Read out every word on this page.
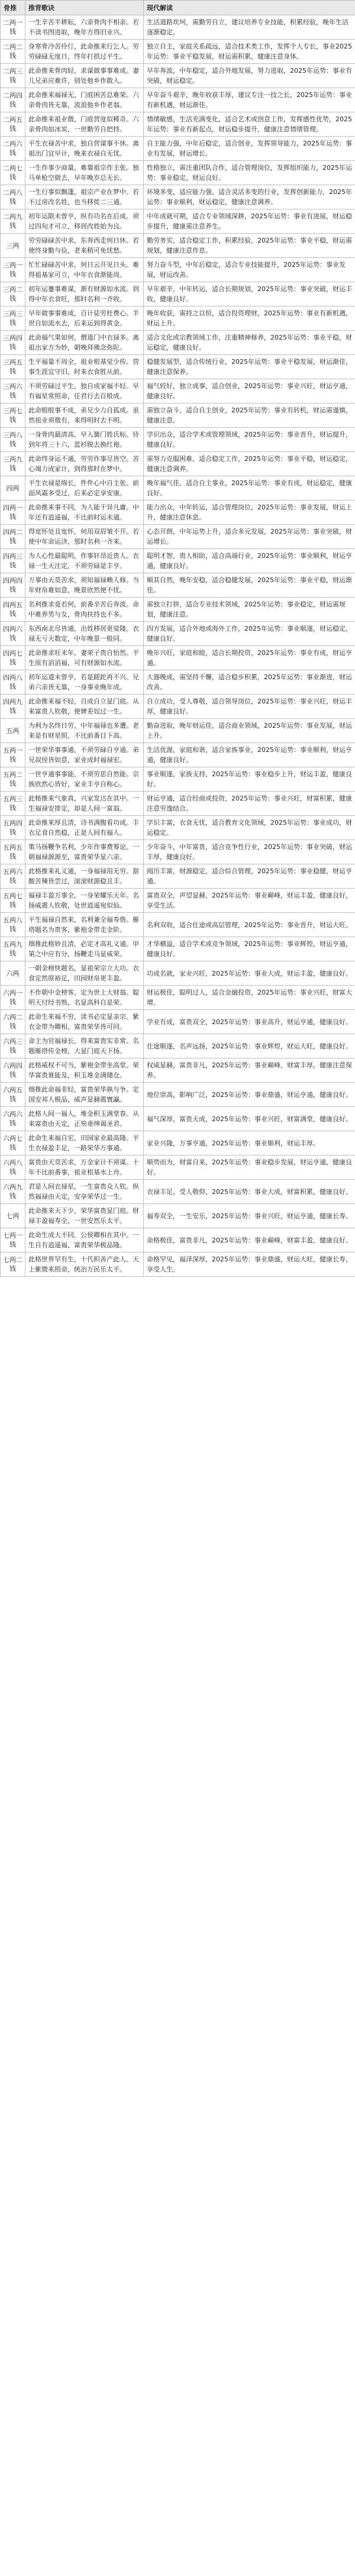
骨推	推背歌诀	现代解读
二两一钱	一生辛苦半耕耘，六亲骨肉不相亲。若不读书图进取，晚年方得旧业兴。	生活道路坎坷，需勤劳自立，建议培养专业技能，积累经验，晚年生活逐渐稳定。
二两二钱	身寒骨冷苦伶仃，此命推来行乞人。劳劳碌碌无度日，终年打拱过平生。	独立自主，家庭关系疏远，适合技术类工作，发挥个人专长，事业2025年运势：事业平稳发展，财运需积累，健康注意身体。
二两三钱	此命推来骨肉轻，求谋做事事难成。妻儿兄弟应难许，别处他乡作散人。	早年奔波，中年稳定，适合外地发展，努力进取，2025年运势：事业有突破，财运稳定。
二两四钱	此命推来福禄无，门庭困苦总难荣。六亲骨肉皆无靠，流浪他乡作老翁。	早年奋斗艰辛，晚年收获丰厚，建议专注一技之长，2025年运势：事业有新机遇，财运渐佳。
二两五钱	此命推来祖业微，门庭营度似稀奇。六亲骨肉如冰炭，一世勤劳自把持。	情绪敏感，生活充满变化，适合艺术或创意工作，发挥感性优势，2025年运势：事业有新起点，财运稳步提升，健康注意情绪管理。
二两六钱	平生衣禄苦中求，独自营谋事不休。离祖出门宜早计，晚来衣禄自无忧。	自主能力强，中年后稳定，适合创业，发挥领导能力，2025年运势：事业有发展，财运增长。
二两七钱	一生作事少商量，难靠祖宗作主张。独马单枪空做去，早年晚岁总无长。	性格独立，需注重团队合作，适合管理岗位，发挥组织能力，2025年运势：事业稳定，财运良好。
二两八钱	一生行事似飘蓬，祖宗产业在梦中。若不过房改名姓，也当移徙二三通。	环境多变，适应能力强，适合灵活多变的行业，发挥创新能力，2025年运势：事业顺利，财运稳定，健康注意调养。
二两九钱	初年运限未曾亨，纵有功名在后成。须过四旬才可立，移居改姓始为良。	中年成就可期，适合专业领域深耕，2025年运势：事业有进展，财运稳步提升，健康需注意养生。
三两	劳劳碌碌苦中求，东奔西走何日休。若使终身勤与俭，老来稍可免忧愁。	勤劳务实，适合稳定工作，积累经验，2025年运势：事业平稳，财运需规划，健康注意作息。
三两一钱	忙忙碌碌苦中求，何日云开见日头。难得祖基家可立，中年衣食渐能周。	努力奋斗型，中年后稳定，适合专业技能提升，2025年运势：事业发展，财运改善。
三两二钱	初年运蹇事难谋，渐有财源如水流。到得中年衣食旺，那时名利一齐收。	早年艰辛，中年转运，适合长期规划，2025年运势：事业突破，财运丰收，健康良好。
三两三钱	早年做事事难成，百计徒劳枉费心。半世自如流水去，后来运到得黄金。	晚年收获，需持之以恒，适合投资理财，2025年运势：事业有新机遇，财运上升。
三两四钱	此命福气果如何，僧道门中衣禄多。离祖出家方为妙，朝晚拜佛念弥陀。	适合文化或宗教领域工作，注重精神修养，2025年运势：事业平稳，财运稳定，健康良好。
三两五钱	生平福量不周全，祖业根基觉少传。营事生涯宜守旧，时来衣食胜从前。	稳健发展型，适合传统行业，2025年运势：事业平稳发展，财运渐佳，健康注意保养。
三两六钱	不须劳碌过平生，独自成家福不轻。早有福星常照命，任君行去百般成。	福气较好，独立成事，适合创业，2025年运势：事业兴旺，财运亨通，健康良好。
三两七钱	此命般般事不成，弟兄少力自孤成。虽然祖业须微有，来得明时去不明。	需独立奋斗，适合自主创业，2025年运势：事业有转机，财运需谨慎，健康注意。
三两八钱	一身骨肉最清高，早入簧门姓氏标。待到年将三十六，蓝衫脱去换红袍。	学识出众，适合学术或管理领域，2025年运势：事业晋升，财运提升，健康良好。
三两九钱	此命终身运不通，劳劳作事尽皆空。苦心竭力成家计，到得那时在梦中。	需努力克服困难，适合稳定工作，2025年运势：事业平稳，财运稳定，健康注意调养。
四两	平生衣禄是绵长，件件心中自主张。前面风霜多受过，后来必定享安康。	晚年福气佳，适合自主事业，2025年运势：事业有成，财运稳定，健康良好。
四两一钱	此命推来事不同，为人能干异凡庸。中年还有逍遥福，不比前时运未通。	能力出众，中年转运，适合管理岗位，2025年运势：事业发展，财运上升，健康注意休息。
四两二钱	得宽怀处且宽怀，何用双眉皱不开。若使中年命运济，那时名利一齐来。	心态开朗，中年运势上升，适合多元发展，2025年运势：事业突破，财运增长。
四两三钱	为人心性最聪明，作事轩昂近贵人。衣禄一生天注定，不须劳碌是丰亨。	聪明才智，贵人相助，适合高端行业，2025年运势：事业顺利，财运亨通，健康良好。
四两四钱	万事由天莫苦求，须知福禄赖人修。当年财帛难如意，晚景欣然便不忧。	顺其自然，晚年安稳，适合稳健发展，2025年运势：事业平稳，财运渐佳。
四两五钱	名利推求竟若何，前番辛苦后奔波。命中难养男与女，骨肉扶持也不多。	需独立打拼，适合专业技术领域，2025年运势：事业稳定，财运需规划，健康注意。
四两六钱	东西南北尽皆通，出姓移居更觉隆。衣禄无亏天数定，中年晚景一般同。	四方发展，适合外地或海外工作，2025年运势：事业顺遂，财运稳定，健康良好。
四两七钱	此命推求旺末年，妻荣子贵自怡然。平生原有滔滔福，可有财源如水流。	晚年兴旺，家庭和睦，适合长期投资，2025年运势：事业有成，财运亨通。
四两八钱	初年运道未曾亨，若是蹉跎再不兴。兄弟六亲皆无靠，一身事业晚年成。	大器晚成，需坚持不懈，适合稳步积累，2025年运势：事业渐进，财运改善。
四两九钱	此命推来福不轻，自成自立显门庭。从来富贵人钦敬，使婢差奴过一生。	自立成功，受人尊敬，适合领导岗位，2025年运势：事业兴旺，财运丰厚，健康良好。
五两	为利为名终日劳，中年福禄也多遭。老来是有财星照，不比前番目下高。	勤奋进取，晚年财运佳，适合商业领域，2025年运势：事业发展，财运上升。
五两一钱	一世荣华事事通，不须劳碌自亨通。弟兄叔侄皆如意，家业成时福禄宏。	生活优渥，家庭和谐，适合家族事业，2025年运势：事业顺利，财运亨通，健康良好。
五两二钱	一世亨通事事能，不须劳思自然能。宗族欣然心皆好，家业丰亨自称心。	事业顺遂，家族支持，2025年运势：事业稳步上升，财运丰盈，健康良好。
五两三钱	此格推来气象真，兴家发达在其中。一生福禄安排定，却是人间一富翁。	财运亨通，适合经商或投资，2025年运势：事业兴旺，财富积累，健康注意劳逸结合。
五两四钱	此命推来厚且清，诗书满腹看功成。丰衣足食自然稳，正是人间有福人。	学识丰富，衣食无忧，适合教育文化领域，2025年运势：事业成功，财运稳定。
五两五钱	策马扬鞭争名利，少年作事费筹论。一朝福禄源源至，富贵荣华显六亲。	少年奋斗，中年富贵，适合竞争性行业，2025年运势：事业突破，财运丰厚，健康良好。
五两六钱	此格推来礼义通，一身福禄用无穷。甜酸苦辣皆尝过，滚滚财源稳且丰。	阅历丰富，财源稳定，适合综合管理，2025年运势：事业稳健，财运亨通。
五两七钱	福禄丰盈万事全，一身荣耀乐天年。名扬威震人钦敬，处世逍遥宛似仙。	富贵双全，声望显赫，2025年运势：事业巅峰，财运丰盈，健康良好，享受生活。
五两八钱	平生福禄自然来，名利兼全福寿偕。雁塔题名为贵客，紫袍金带走金阶。	名利双收，适合仕途或高层管理，2025年运势：事业晋升，财运大旺。
五两九钱	细推此格妙且清，必定才高礼义通。甲第之中应有分，扬鞭走马显威荣。	才华横溢，适合学术或竞争领域，2025年运势：事业辉煌，财运亨通，健康良好。
六两	一朝金榜快题名，显祖荣宗立大功。衣食定然原裕足，田园财帛更丰盈。	功成名就，家业兴旺，2025年运势：事业大成，财运丰盈，健康良好。
六两一钱	不作朝中金榜客，定为世上大财翁。聪明天付经书熟，名显高科自是荣。	财运极佳，聪明过人，适合金融投资，2025年运势：事业兴旺，财富大增。
六两二钱	此命生来福不穷，读书必定显亲宗。紫衣金带为卿相，富贵荣华皆可同。	学业有成，富贵双全，2025年运势：事业高升，财运亨通，健康良好。
六两三钱	命主为官福禄长，得来富贵实非常。名题雁塔传金榜，大显门庭天下扬。	仕途顺遂，名声远扬，2025年运势：事业辉煌，财运大旺，健康良好。
六两四钱	此格威权不可当，紫袍金带坐高堂。荣华富贵谁能及，积玉堆金满储仓。	权威显赫，富贵非凡，2025年运势：事业巅峰，财富丰厚，健康注意保养。
六两五钱	细推此命福非轻，富贵荣华孰与争。定国安邦人极品，威声显赫震寰瀛。	地位崇高，影响广泛，2025年运势：事业鼎盛，财运亨通，健康良好。
六两六钱	此格人间一福人，堆金积玉满堂春。从来富贵由天定，正笏垂绅谒圣君。	福气深厚，富贵天成，2025年运势：事业兴旺，财富满堂，健康良好。
六两七钱	此命生来福自宏，田园家业最高隆。平生衣禄盈丰足，一路荣华万事通。	家业兴隆，万事亨通，2025年运势：事业顺利，财运丰厚。
六两八钱	富贵由天莫苦求，万金家计不须谋。十年不比前番事，祖业根基水上舟。	顺势而为，财富自来，2025年运势：事业稳步发展，财运亨通，健康良好。
六两九钱	君是人间衣禄星，一生富贵众人钦。纵然福禄由天定，安享荣华过一生。	衣禄丰足，受人敬仰，2025年运势：事业大成，财富积累，健康良好。
七两	此命推来天下少，荣华富贵显门庭。财禄丰盈福寿全，一世安然乐太平。	福寿双全，一生安乐，2025年运势：事业兴旺，财运亨通，健康长寿。
七两一钱	此命生成大不同，公侯卿相在其中。一生自有逍遥福，富贵荣华极品隆。	命格极佳，富贵非凡，2025年运势：事业巅峰，财富丰盈，健康良好。
七两二钱	此格世界罕有生，十代积善产此人。天上紫微来照命，统治万民乐太平。	命格罕见，福泽深厚，2025年运势：事业鼎盛，财运大旺，健康长寿，享受人生。
